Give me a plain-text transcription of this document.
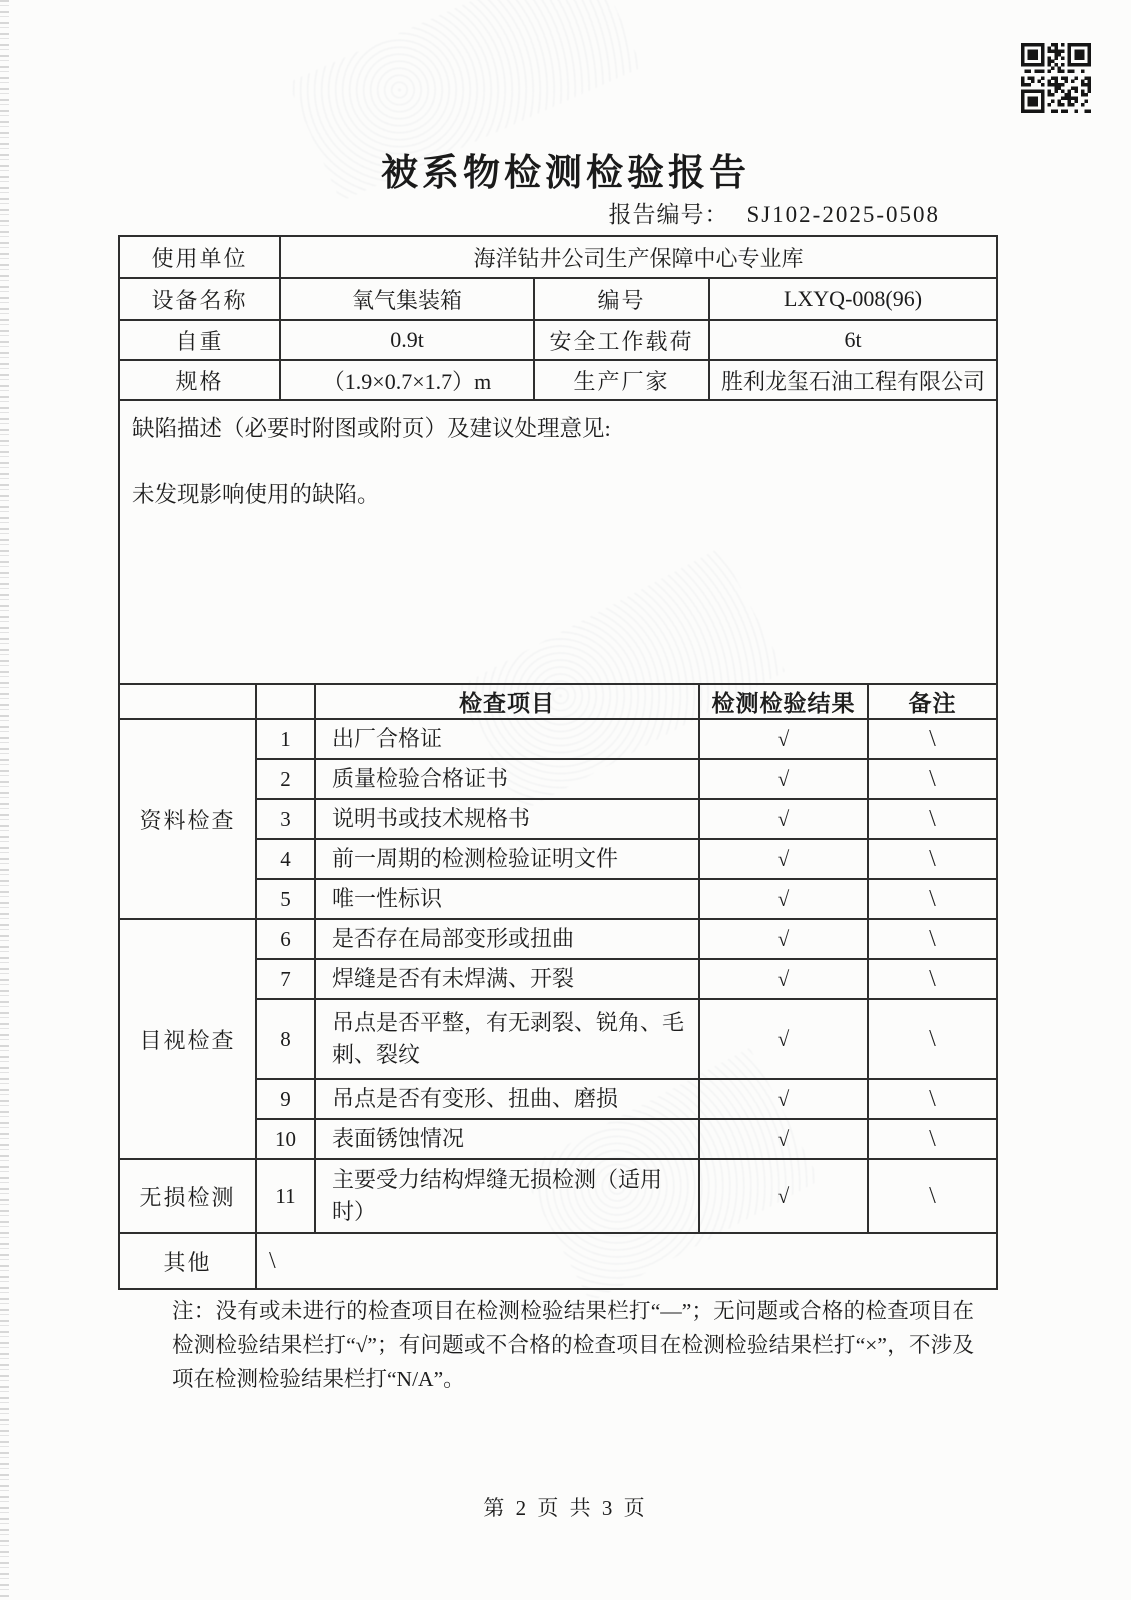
被系物检测检验报告
报告编号： SJ102-2025-0508
使用单位	海洋钻井公司生产保障中心专业库		
设备名称	氧气集装箱	编号	LXYQ-008(96)
自重	0.9t	安全工作载荷	6t
规格	（1.9×0.7×1.7）m	生产厂家	胜利龙玺石油工程有限公司

缺陷描述（必要时附图或附页）及建议处理意见:
未发现影响使用的缺陷。			
		检查项目	检测检验结果	备注
资料检查	1	出厂合格证	√	\
	2	质量检验合格证书	√	\
	3	说明书或技术规格书	√	\
	4	前一周期的检测检验证明文件	√	\
	5	唯一性标识	√	\
目视检查	6	是否存在局部变形或扭曲	√	\
	7	焊缝是否有未焊满、开裂	√	\
	8	吊点是否平整，有无剥裂、锐角、毛刺、裂纹	√	\
	9	吊点是否有变形、扭曲、磨损	√	\
	10	表面锈蚀情况	√	\
无损检测	11	主要受力结构焊缝无损检测（适用时）	√	\
其他	\			

注：没有或未进行的检查项目在检测检验结果栏打“—”；无问题或合格的检查项目在检测检验结果栏打“√”；有问题或不合格的检查项目在检测检验结果栏打“×”，不涉及项在检测检验结果栏打“N/A”。

第 2 页 共 3 页
